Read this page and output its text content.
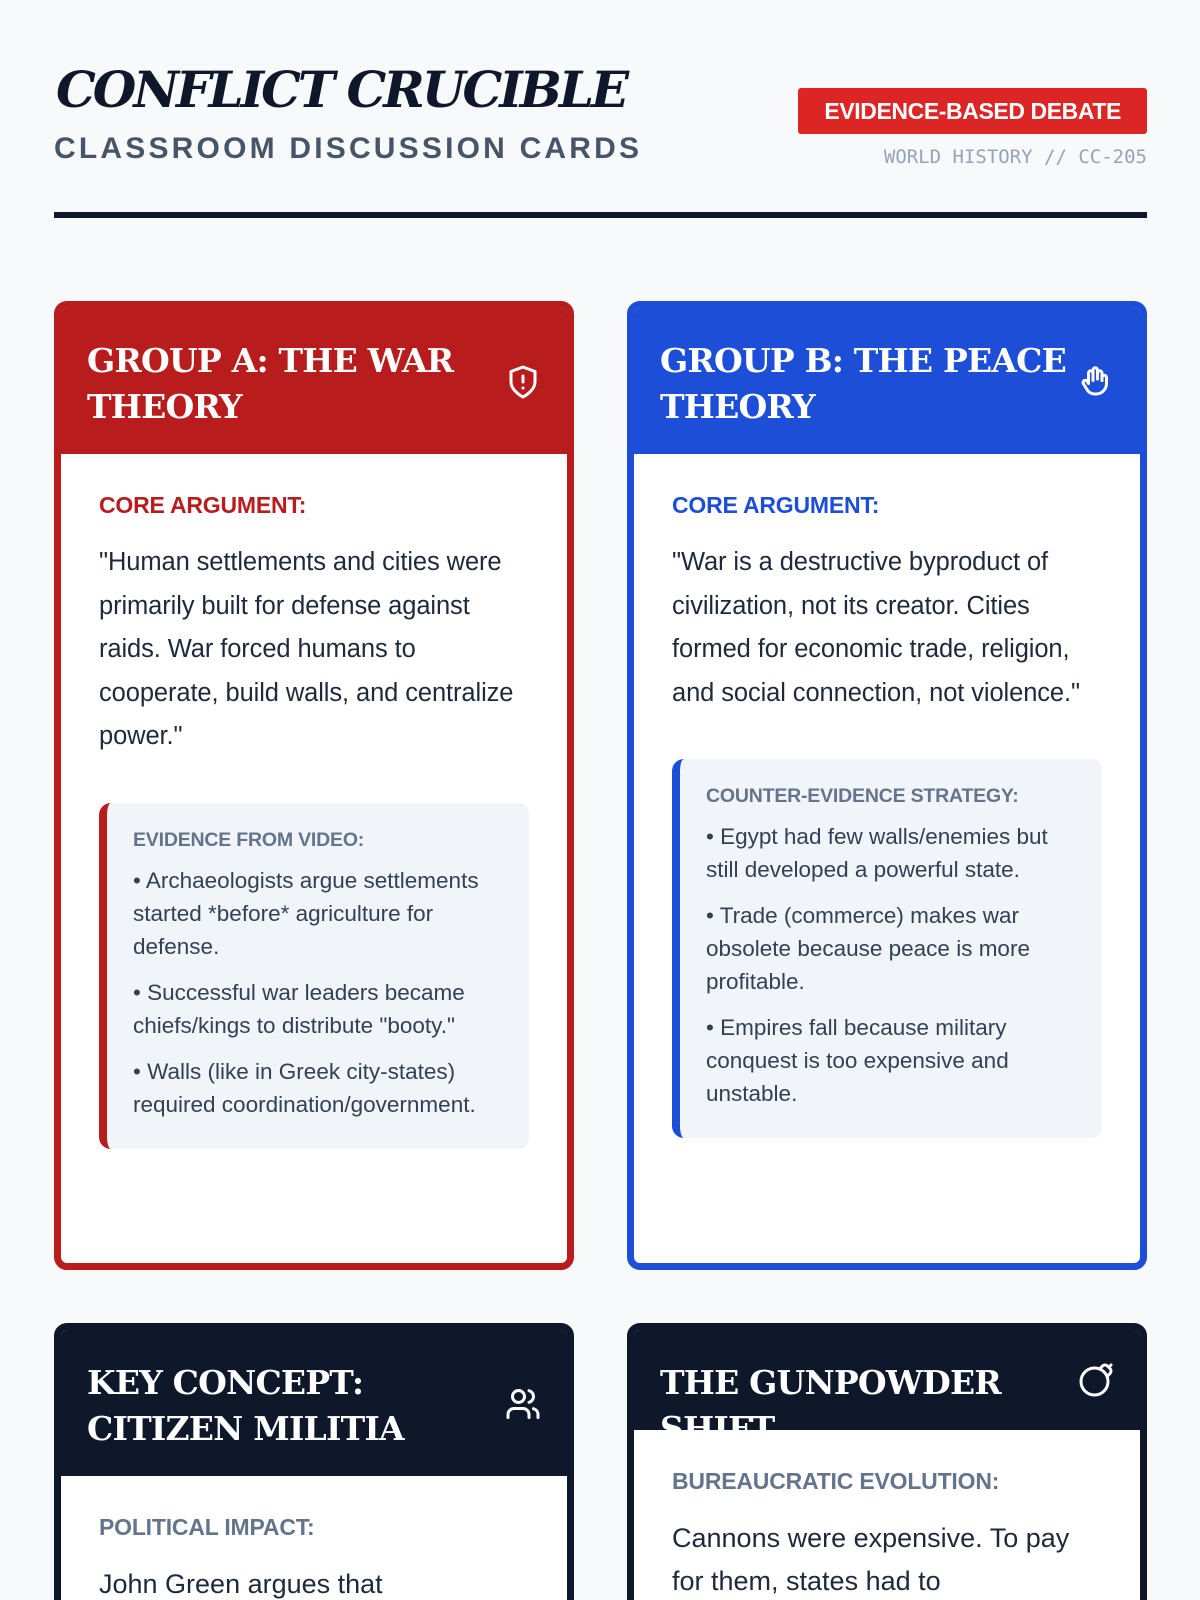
CONFLICT CRUCIBLE
CLASSROOM DISCUSSION CARDS
EVIDENCE-BASED DEBATE
WORLD HISTORY // CC-205
GROUP A: THE WAR THEORY
CORE ARGUMENT:
"Human settlements and cities were primarily built for defense against raids. War forced humans to cooperate, build walls, and centralize power."
EVIDENCE FROM VIDEO:
• Archaeologists argue settlements started *before* agriculture for defense.
• Successful war leaders became chiefs/kings to distribute "booty."
• Walls (like in Greek city-states) required coordination/government.
GROUP B: THE PEACE THEORY
CORE ARGUMENT:
"War is a destructive byproduct of civilization, not its creator. Cities formed for economic trade, religion, and social connection, not violence."
COUNTER-EVIDENCE STRATEGY:
• Egypt had few walls/enemies but still developed a powerful state.
• Trade (commerce) makes war obsolete because peace is more profitable.
• Empires fall because military conquest is too expensive and unstable.
KEY CONCEPT: CITIZEN MILITIA
POLITICAL IMPACT:
John Green argues that
THE GUNPOWDER SHIFT
BUREAUCRATIC EVOLUTION:
Cannons were expensive. To pay for them, states had to
